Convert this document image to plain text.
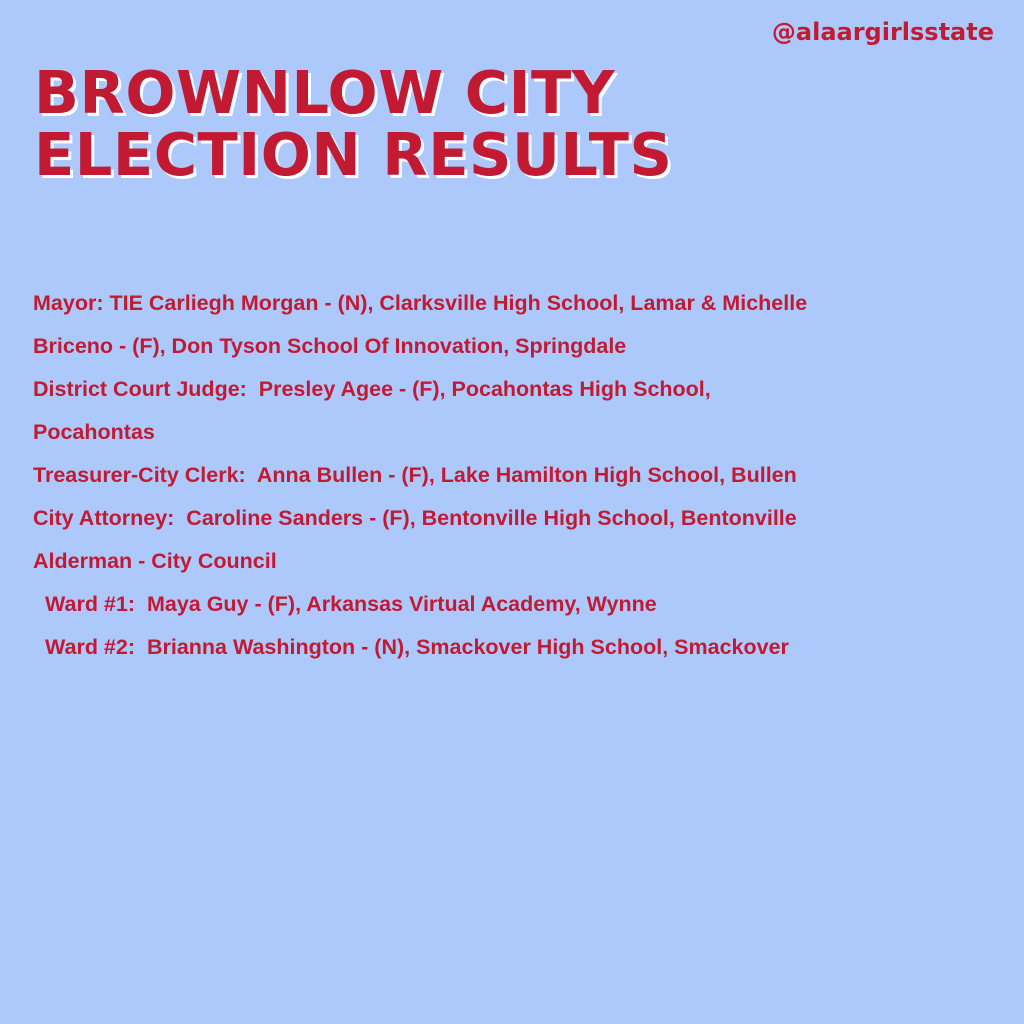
@alaargirlsstate
BROWNLOW CITY
ELECTION RESULTS
Mayor: TIE Carliegh Morgan - (N), Clarksville High School, Lamar & Michelle
Briceno - (F), Don Tyson School Of Innovation, Springdale
District Court Judge:  Presley Agee - (F), Pocahontas High School,
Pocahontas
Treasurer-City Clerk:  Anna Bullen - (F), Lake Hamilton High School, Bullen
City Attorney:  Caroline Sanders - (F), Bentonville High School, Bentonville
Alderman - City Council
Ward #1:  Maya Guy - (F), Arkansas Virtual Academy, Wynne
Ward #2:  Brianna Washington - (N), Smackover High School, Smackover
